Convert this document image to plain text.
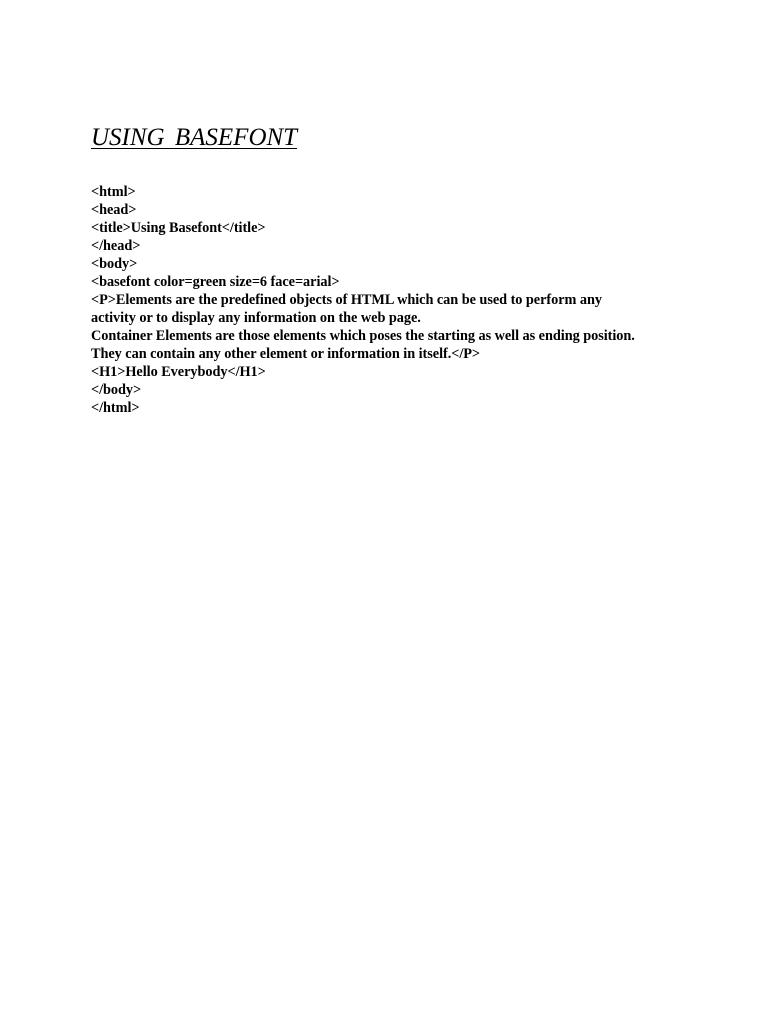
USING BASEFONT
<html>
<head>
<title>Using Basefont</title>
</head>
<body>
<basefont color=green size=6 face=arial>
<P>Elements are the predefined objects of HTML which can be used to perform any
activity or to display any information on the web page.
Container Elements are those elements which poses the starting as well as ending position.
They can contain any other element or information in itself.</P>
<H1>Hello Everybody</H1>
</body>
</html>
